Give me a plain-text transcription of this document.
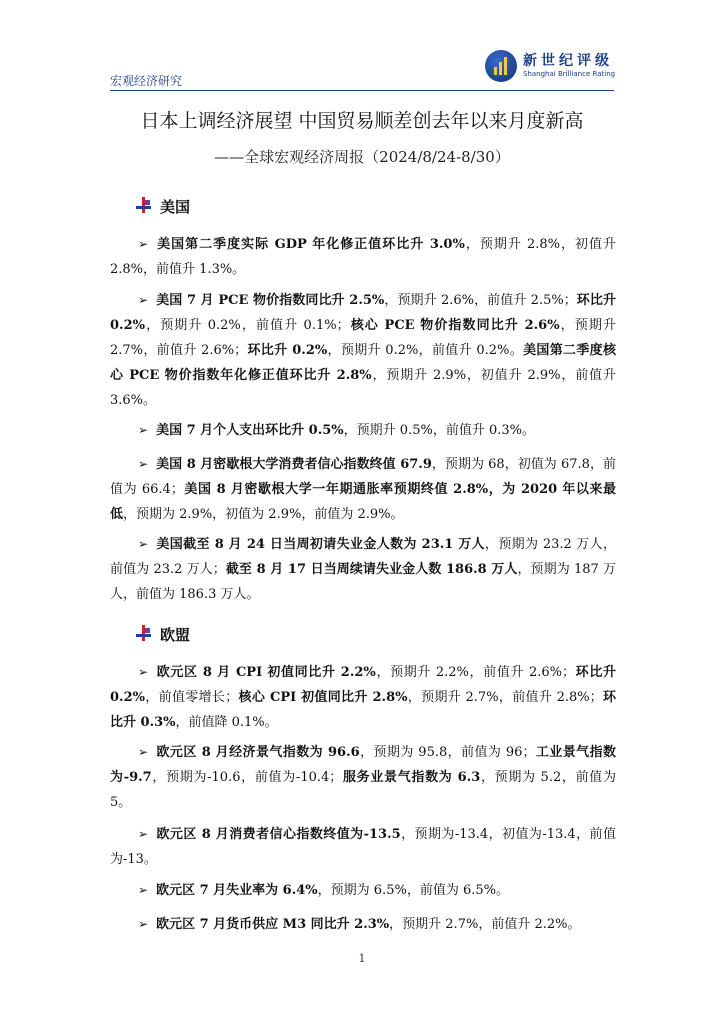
新世纪评级
Shanghai Brilliance Rating
宏观经济研究
日本上调经济展望 中国贸易顺差创去年以来月度新高
——全球宏观经济周报（2024/8/24-8/30）
美国
➢ 美国第二季度实际 GDP 年化修正值环比升 3.0%，预期升 2.8%，初值升 2.8%，前值升 1.3%。
➢ 美国 7 月 PCE 物价指数同比升 2.5%，预期升 2.6%，前值升 2.5%；环比升 0.2%，预期升 0.2%，前值升 0.1%；核心 PCE 物价指数同比升 2.6%，预期升 2.7%，前值升 2.6%；环比升 0.2%，预期升 0.2%，前值升 0.2%。美国第二季度核心 PCE 物价指数年化修正值环比升 2.8%，预期升 2.9%，初值升 2.9%，前值升 3.6%。
➢ 美国 7 月个人支出环比升 0.5%，预期升 0.5%，前值升 0.3%。
➢ 美国 8 月密歇根大学消费者信心指数终值 67.9，预期为 68，初值为 67.8，前值为 66.4；美国 8 月密歇根大学一年期通胀率预期终值 2.8%，为 2020 年以来最低，预期为 2.9%，初值为 2.9%，前值为 2.9%。
➢ 美国截至 8 月 24 日当周初请失业金人数为 23.1 万人，预期为 23.2 万人，前值为 23.2 万人；截至 8 月 17 日当周续请失业金人数 186.8 万人，预期为 187 万人，前值为 186.3 万人。
欧盟
➢ 欧元区 8 月 CPI 初值同比升 2.2%，预期升 2.2%，前值升 2.6%；环比升 0.2%，前值零增长；核心 CPI 初值同比升 2.8%，预期升 2.7%，前值升 2.8%；环比升 0.3%，前值降 0.1%。
➢ 欧元区 8 月经济景气指数为 96.6，预期为 95.8，前值为 96；工业景气指数为-9.7，预期为-10.6，前值为-10.4；服务业景气指数为 6.3，预期为 5.2，前值为 5。
➢ 欧元区 8 月消费者信心指数终值为-13.5，预期为-13.4，初值为-13.4，前值为-13。
➢ 欧元区 7 月失业率为 6.4%，预期为 6.5%，前值为 6.5%。
➢ 欧元区 7 月货币供应 M3 同比升 2.3%，预期升 2.7%，前值升 2.2%。
1
